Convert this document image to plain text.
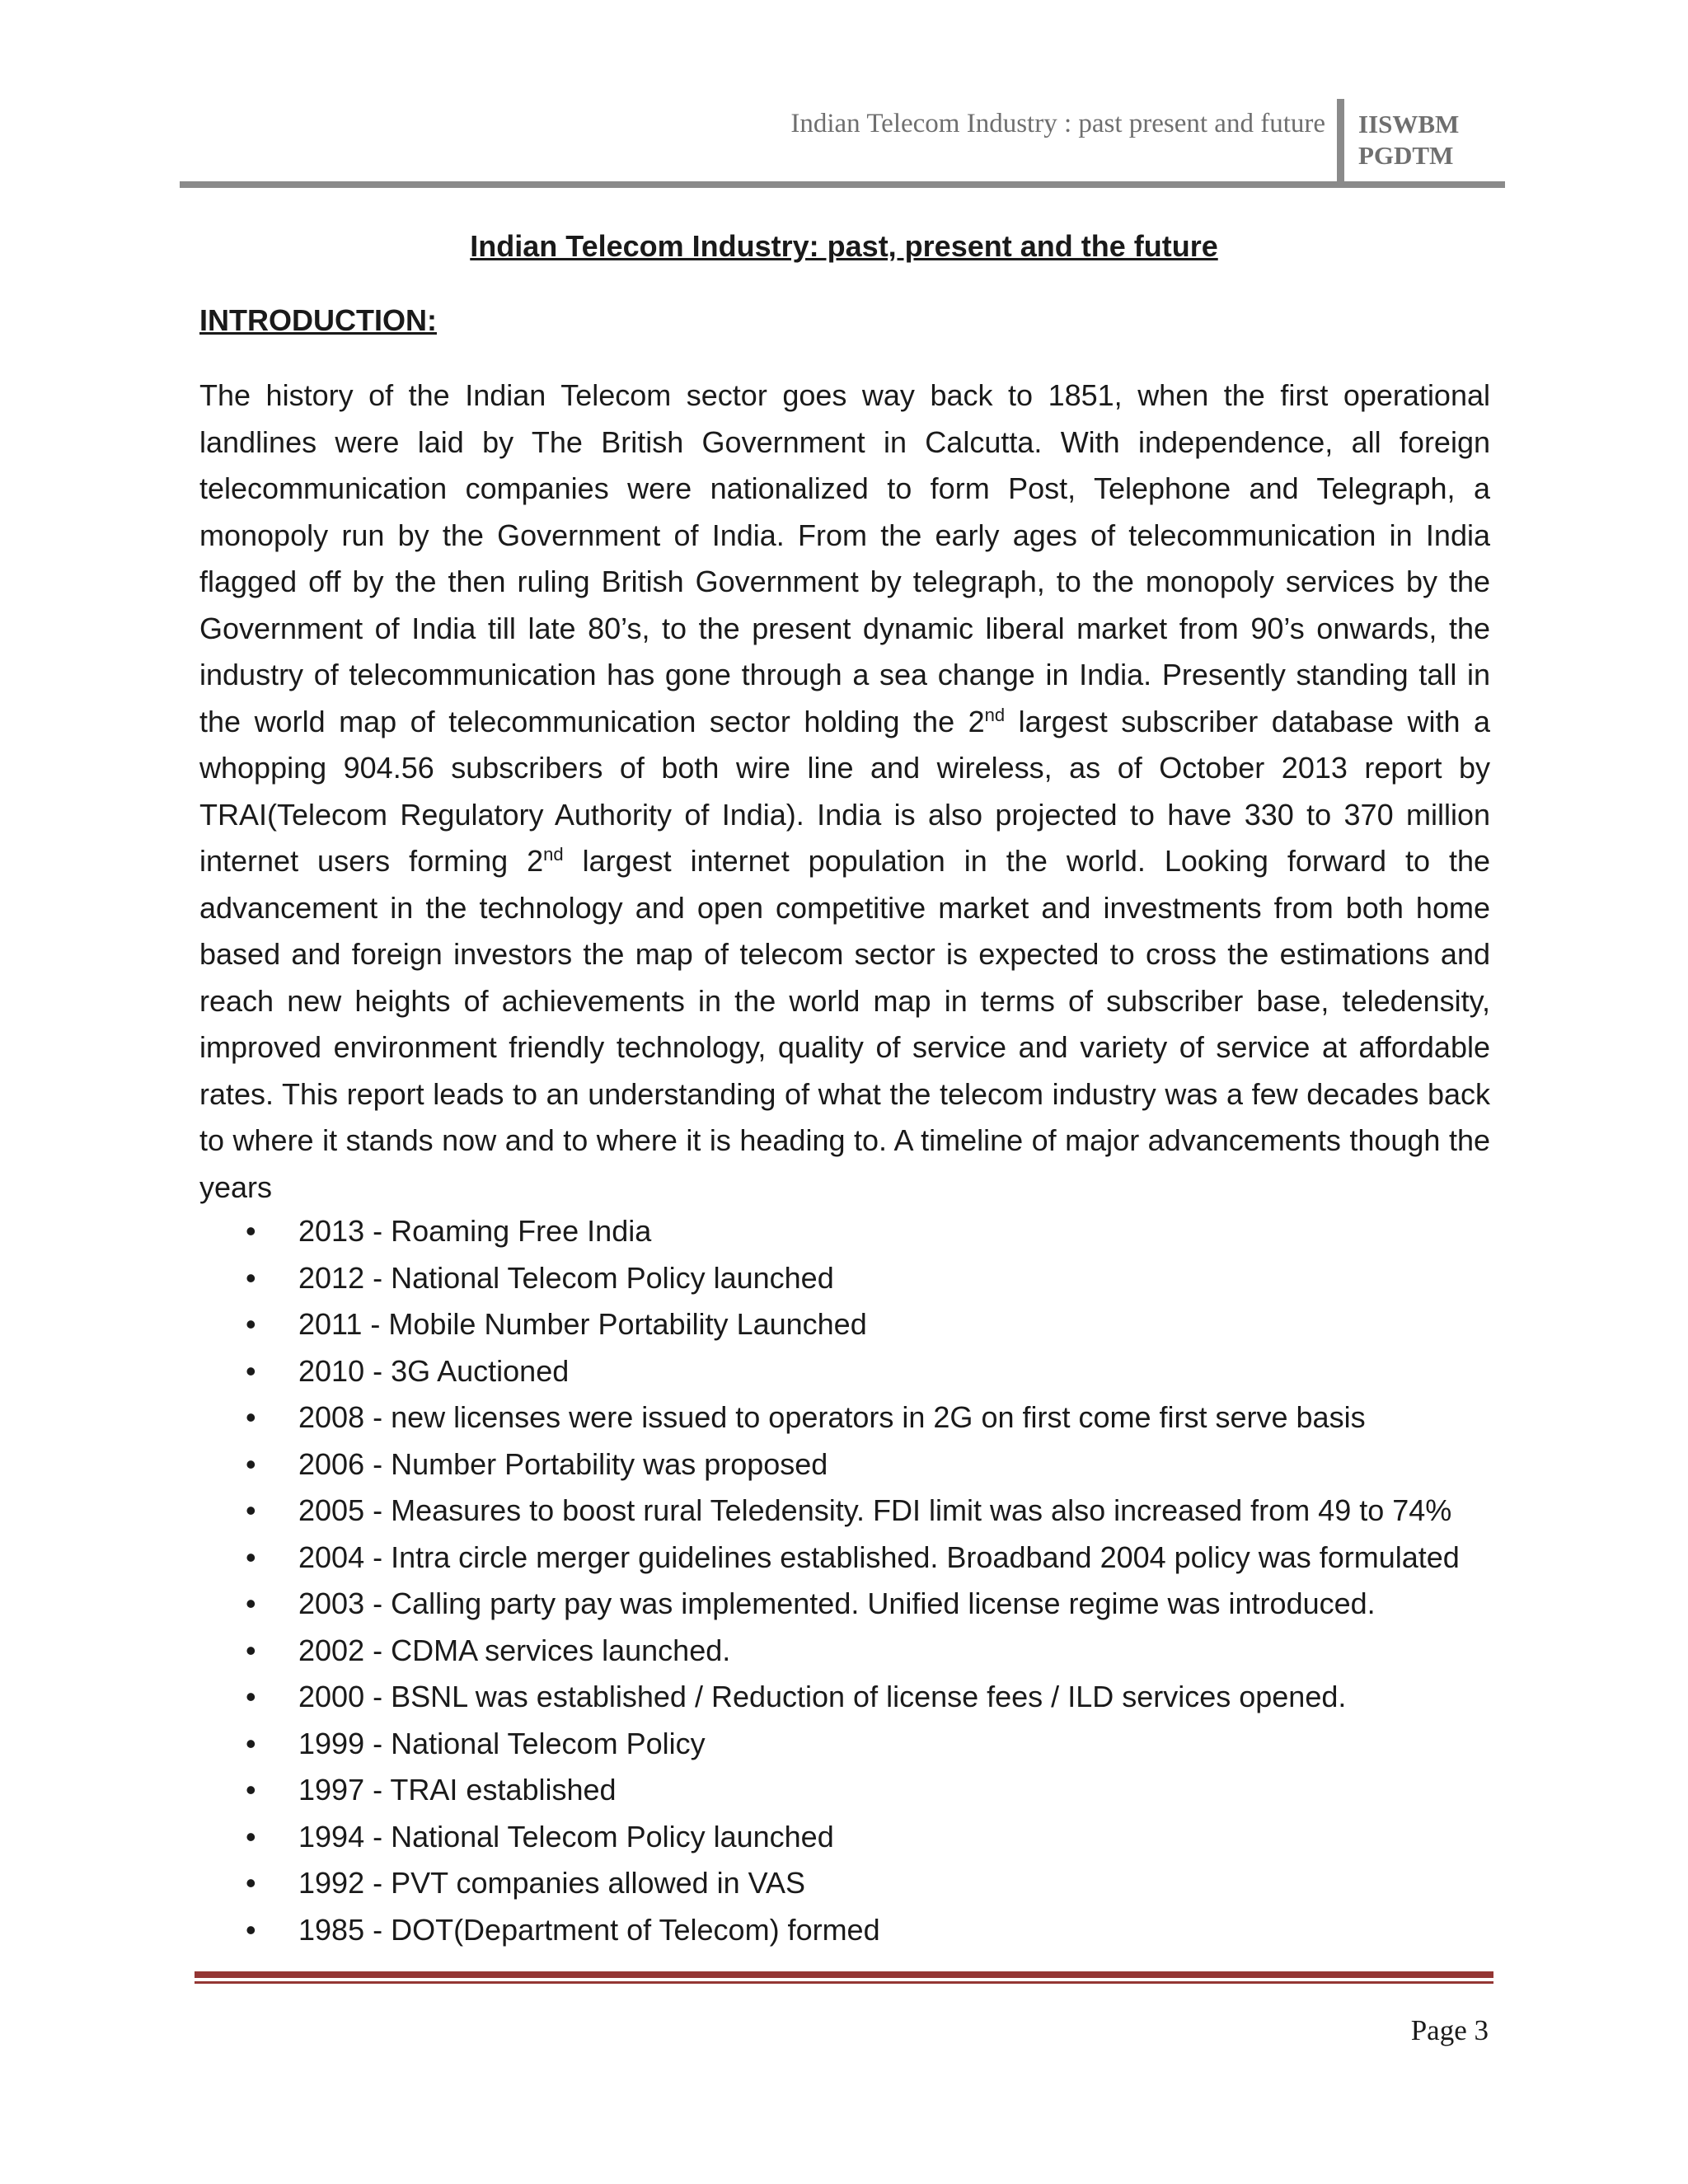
Indian Telecom Industry : past present and future IISWBM
PGDTM
Indian Telecom Industry: past, present and the future
INTRODUCTION:

The history of the Indian Telecom sector goes way back to 1851, when the first operational landlines were laid by The British Government in Calcutta. With independence, all foreign telecommunication companies were nationalized to form Post, Telephone and Telegraph, a monopoly run by the Government of India. From the early ages of telecommunication in India flagged off by the then ruling British Government by telegraph, to the monopoly services by the Government of India till late 80’s, to the present dynamic liberal market from 90’s onwards, the industry of telecommunication has gone through a sea change in India. Presently standing tall in the world map of telecommunication sector holding the 2nd largest subscriber database with a whopping 904.56 subscribers of both wire line and wireless, as of October 2013 report by TRAI(Telecom Regulatory Authority of India). India is also projected to have 330 to 370 million internet users forming 2nd largest internet population in the world. Looking forward to the advancement in the technology and open competitive market and investments from both home based and foreign investors the map of telecom sector is expected to cross the estimations and reach new heights of achievements in the world map in terms of subscriber base, teledensity, improved environment friendly technology, quality of service and variety of service at affordable rates. This report leads to an understanding of what the telecom industry was a few decades back to where it stands now and to where it is heading to. A timeline of major advancements though the years

• 2013 - Roaming Free India
• 2012 - National Telecom Policy launched
• 2011 - Mobile Number Portability Launched
• 2010 - 3G Auctioned
• 2008 - new licenses were issued to operators in 2G on first come first serve basis
• 2006 - Number Portability was proposed
• 2005 - Measures to boost rural Teledensity. FDI limit was also increased from 49 to 74%
• 2004 - Intra circle merger guidelines established. Broadband 2004 policy was formulated
• 2003 - Calling party pay was implemented. Unified license regime was introduced.
• 2002 - CDMA services launched.
• 2000 - BSNL was established / Reduction of license fees / ILD services opened.
• 1999 - National Telecom Policy
• 1997 - TRAI established
• 1994 - National Telecom Policy launched
• 1992 - PVT companies allowed in VAS
• 1985 - DOT(Department of Telecom) formed
Page 3
